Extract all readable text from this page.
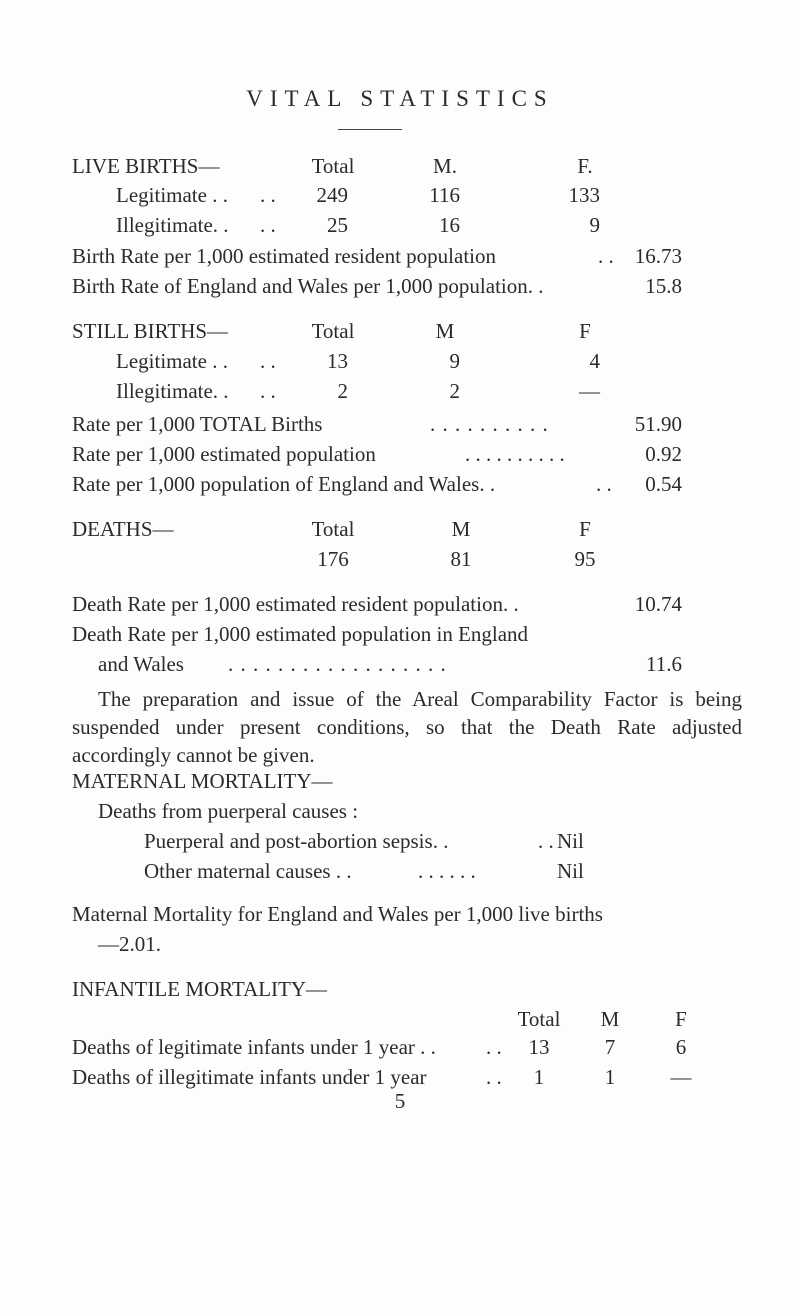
VITAL STATISTICS
LIVE BIRTHS—	Total	M.	F.
Legitimate . . . .	249	116	133
Illegitimate. . . .	25	16	9
Birth Rate per 1,000 estimated resident population	. .	16.73
Birth Rate of England and Wales per 1,000 population. .	15.8
STILL BIRTHS—	Total	M	F
Legitimate . . . .	13	9	4
Illegitimate. . . .	2	2	—
Rate per 1,000 TOTAL Births	. . . . . . . . . .	51.90
Rate per 1,000 estimated population	. . . . . . . . . .	0.92
Rate per 1,000 population of England and Wales. .	. .	0.54
DEATHS—	Total	M	F
176	81	95
Death Rate per 1,000 estimated resident population. .	10.74
Death Rate per 1,000 estimated population in England
and Wales . . . . . . . . . . . . . . . . . .	11.6
The preparation and issue of the Areal Comparability Factor is being suspended under present conditions, so that the Death Rate adjusted accordingly cannot be given.
MATERNAL MORTALITY—
Deaths from puerperal causes :
Puerperal and post-abortion sepsis. .	. . Nil
Other maternal causes . .	. . . . . .	Nil
Maternal Mortality for England and Wales per 1,000 live births
—2.01.
INFANTILE MORTALITY—
Total	M	F
Deaths of legitimate infants under 1 year . . . .	13	7	6
Deaths of illegitimate infants under 1 year	. .	1	1	—
5
